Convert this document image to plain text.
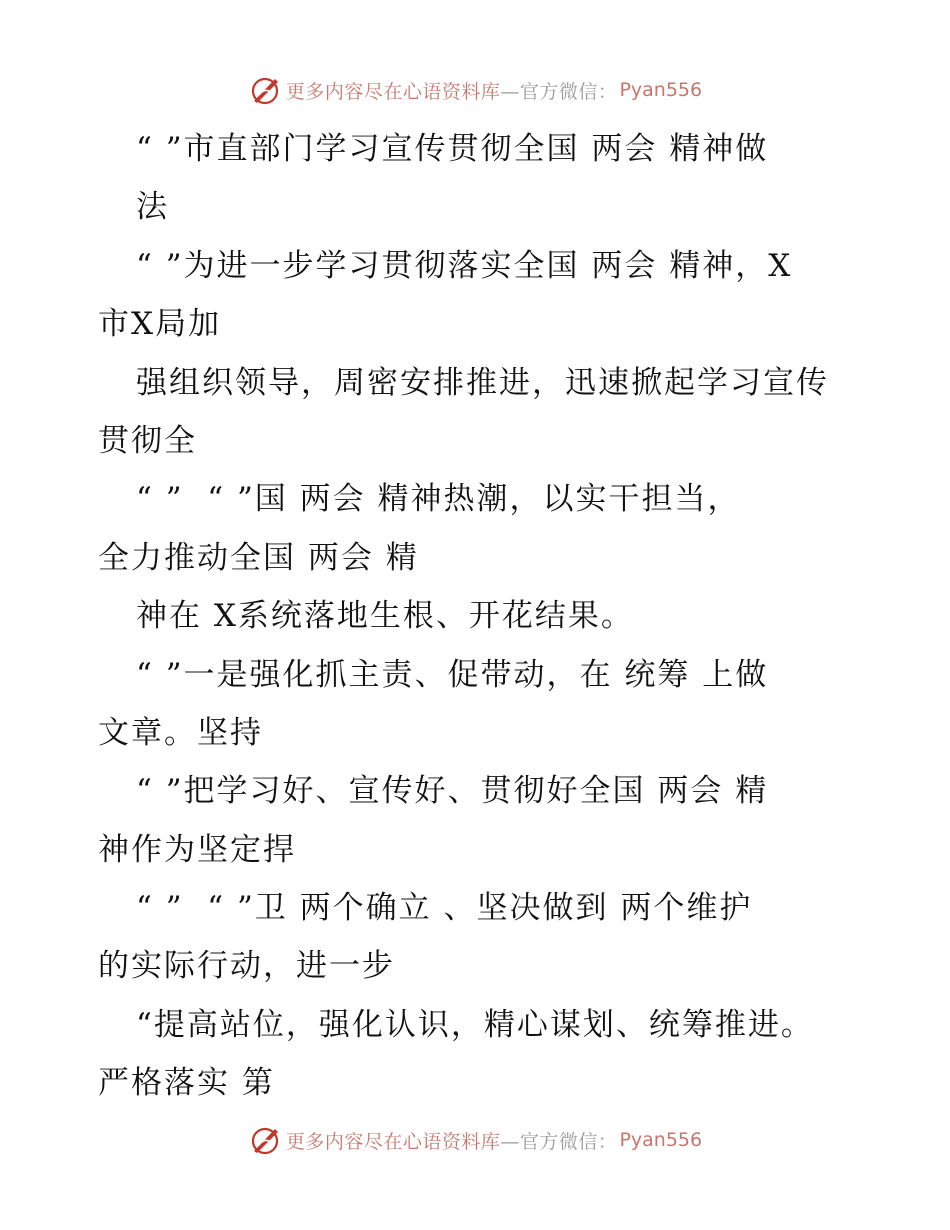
更多内容尽在心语资料库 —官方微信： Pyan556
“ ”市直部门学习宣传贯彻全国 两会 精神做
法
“ ”为进一步学习贯彻落实全国 两会 精神，X
市X局加
强组织领导，周密安排推进，迅速掀起学习宣传
贯彻全
“ ”  “ ”国 两会 精神热潮，以实干担当，
全力推动全国 两会 精
神在 X系统落地生根、开花结果。
“ ”一是强化抓主责、促带动，在 统筹 上做
文章。坚持
“ ”把学习好、宣传好、贯彻好全国 两会 精
神作为坚定捍
“ ”  “ ”卫 两个确立 、坚决做到 两个维护
的实际行动，进一步
“提高站位，强化认识，精心谋划、统筹推进。
严格落实 第
更多内容尽在心语资料库 —官方微信： Pyan556
